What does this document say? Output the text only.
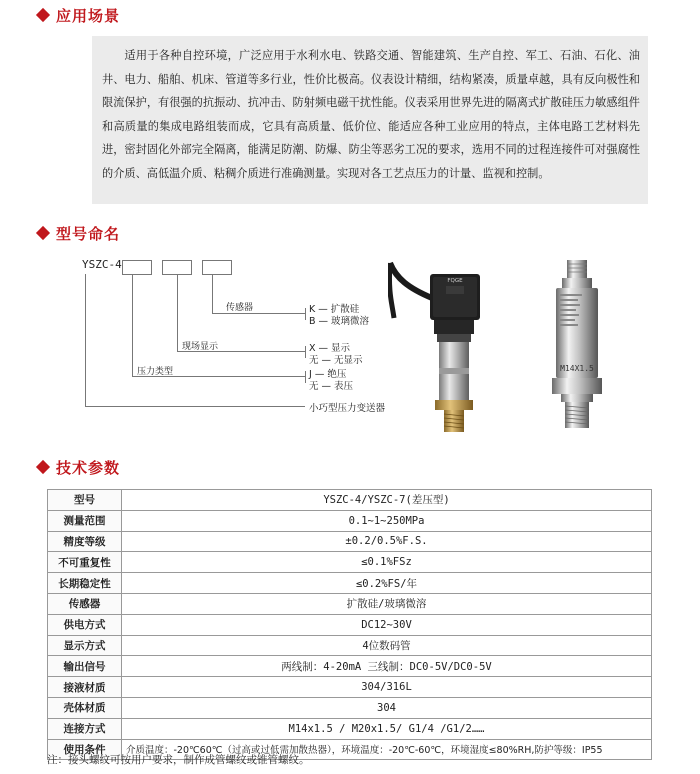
应用场景
适用于各种自控环境，广泛应用于水利水电、铁路交通、智能建筑、生产自控、军工、石油、石化、油井、电力、船舶、机床、管道等多行业，性价比极高。仪表设计精细，结构紧凑，质量卓越，具有反向极性和限流保护，有很强的抗振动、抗冲击、防射频电磁干扰性能。仪表采用世界先进的隔离式扩散硅压力敏感组件和高质量的集成电路组装而成，它具有高质量、低价位、能适应各种工业应用的特点，主体电路工艺材料先进，密封固化外部完全隔离，能满足防潮、防爆、防尘等恶劣工况的要求，选用不同的过程连接件可对强腐性的介质、高低温介质、粘稠介质进行准确测量。实现对各工艺点压力的计量、监视和控制。
型号命名
YSZC-4
传感器
现场显示
压力类型
K — 扩散硅
B — 玻璃微溶
X — 显示
无 — 无显示
J — 绝压
无 — 表压
小巧型压力变送器
FQGE
M14X1.5
技术参数
型号	YSZC-4/YSZC-7(差压型)
测量范围	0.1~1~250MPa
精度等级	±0.2/0.5%F.S.
不可重复性	≤0.1%FSz
长期稳定性	≤0.2%FS/年
传感器	扩散硅/玻璃微溶
供电方式	DC12~30V
显示方式	4位数码管
输出信号	两线制：4-20mA 三线制：DC0-5V/DC0-5V
接液材质	304/316L
壳体材质	304
连接方式	M14x1.5 / M20x1.5/ G1/4 /G1/2……
使用条件	介质温度：-20℃60℃（过高或过低需加散热器），环境温度：-20℃-60℃，环境湿度≤80%RH,防护等级：IP55
注：接头螺纹可按用户要求，制作成管螺纹或锥管螺纹。
